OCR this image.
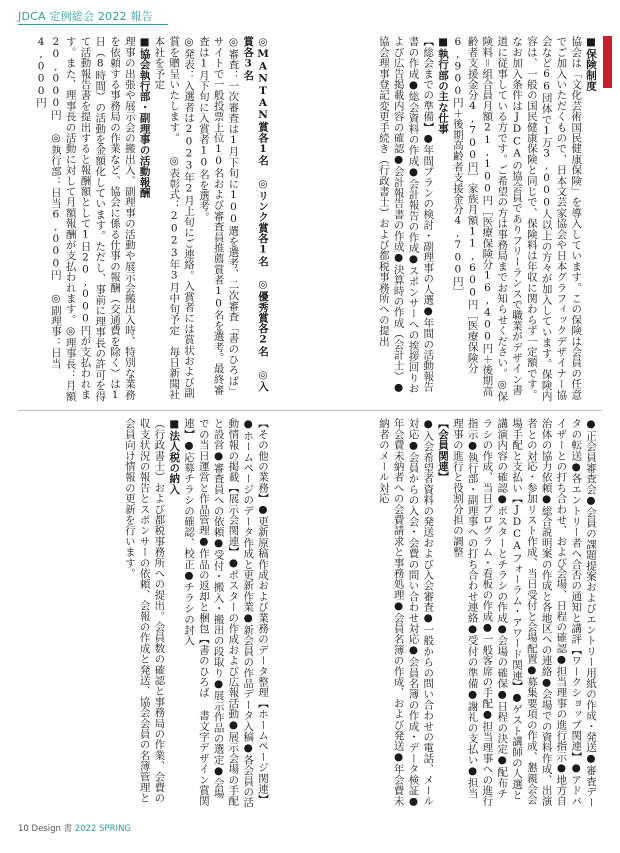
JDCA 定例総会 2022 報告

■保険制度

協会は「文化芸術国民健康保険」を導入しています。この保険は会員の任意でご加入いただくもので、日本文芸家協会や日本グラフィックデザイナー協会など66団体で1万3,000人以上の方々が加入しています。保険内容は、一般の国民健康保険と同じで、保険料は年収に関わらず一定額です。なお加入条件はJDCAの協会員でありフリーランスで職業がデザイン書道に従事している方です。ご希望の方は事務局までお知らせください。◎保険料＝組合員月額21,100円［医療保険分16,400円＋後期高齢者支援金分4,700円］家族月額11,600円［医療保険分6,900円＋後期高齢者支援金分4,700円］

■執行部の主な仕事

【総会までの準備】●年間プランの検討・副理事の人選●年間の活動報告書の作成●総会資料の作成●会計報告の作成●スポンサーへの挨拶回りおよび広告掲載内容の確認●会計報告書の作成●決算時の作成（会計士）●協会理事登記変更手続き（行政書士）および都税事務所への提出

◎MANTAN賞各1名 ◎リンク賞各1名 ◎優秀賞各2名 ◎入賞各3名

◎審査：一次審査は1月下旬に100選を選考、二次審査「書のひろば」サイトで一般投票上位10名および審査員推薦賞者10名を選考。最終審査は1月下旬に入賞者10名を選考。

◎発表：入選者は2023年2月上旬にご連絡。入賞者には賞状および副賞を贈呈いたします。 ◎表彰式：2023年3月中旬予定　毎日新聞社本社を予定

■協会執行部・副理事の活動報酬

理事の出張や展示会の搬出入、副理事の活動や展示会搬出入時、特別な業務を依頼する事務局の作業など、協会に係る仕事の報酬（交通費を除く）は1日（8時間）の活動を金額化しています。ただし、事前に理事長の許可を得て活動報告書を提出すると報酬額として1日20,000円が支払われます。また、理事長の活動に対して月額報酬が支払われます。◎理事長：月額20,000円 ◎執行部：日当6,000円 ◎副理事：日当4,000円

●正会員審査会●会員の課題提案およびエントリー用紙の作成・発送●審査データの転送●各エントリー者へ合否の通知と講評【ワークショップ関連】●アドバイザーとの打ち合わせ、および会場、日程の確認●担当理事の進行指示●地方自治体の協力依頼●総合説明案の作成と各地区への連絡●会場での資料作成、出演者との対応・参加リスト作成、当日受付と会場配置●募集要項の作成、懇親会会場手配と支払い【JDCAフォーラム・アワード関連】●ゲスト講師の人選と講演内容の確認●ポスターとチラシの作成●会場の確保●日程の決定●配布チラシの作成、当日プログラム・看板の作成●一般客席の手配●担当理事への進行指示●執行部・副理事への打ち合わせ連絡●受付の準備●謝礼の支払い●担当理事の進行と役割分担の調整

【会員関連】

●入会希望者資料の発送および入会審査●一般からの問い合わせの電話、メール対応●会員からの入会・会費の問い合わせ対応●会員名簿の作成・データ検証●年会費未納者への会費請求と事務処理●会員名簿の作成、および発送●年会費未納者のメール対応

【その他の業務】●更新原稿作成および業務のデータ整理【ホームページ関連】●ホームページのデータ作成と更新作業●新会員の作品データ入稿●各会員の活動情報の掲載【展示会関連】●ポスターの作成および広報活動●展示会場の手配と設営●審査員への依頼●受付・搬入・搬出の段取り●展示作品の選定●会場での当日運営と作品管理●作品の返却と梱包【書のひろば 書文字デザイン賞関連】●応募チラシの確認、校正●チラシの封入

■法人税の納入

（行政書士）および都税事務所への提出。会員数の確認と事務局の作業、会費の収支状況の報告とスポンサーの依頼、会報の作成と発送、協会会員の名簿管理と会員向け情報の更新を行います。

10 Design 書 2022 SPRING
